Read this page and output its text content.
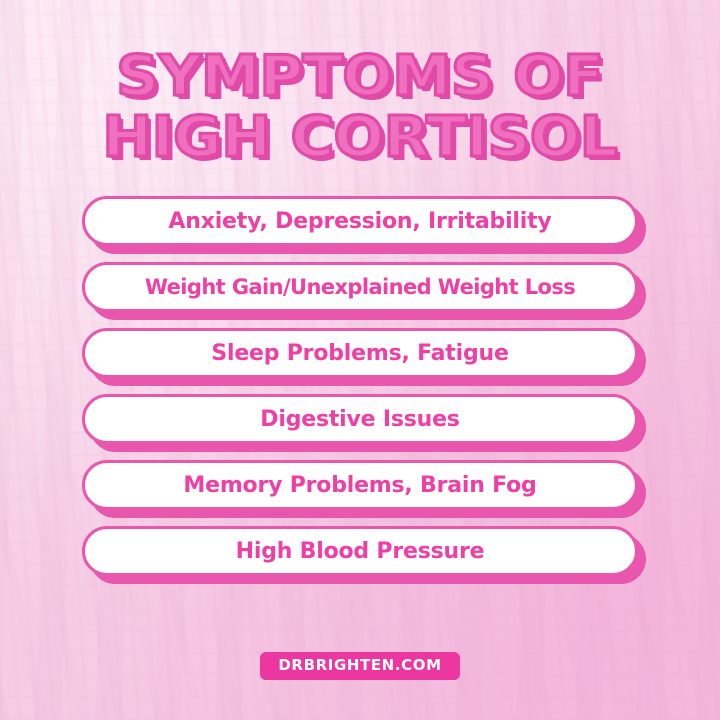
SYMPTOMS OF
HIGH CORTISOL
Anxiety, Depression, Irritability
Weight Gain/Unexplained Weight Loss
Sleep Problems, Fatigue
Digestive Issues
Memory Problems, Brain Fog
High Blood Pressure
DRBRIGHTEN.COM
